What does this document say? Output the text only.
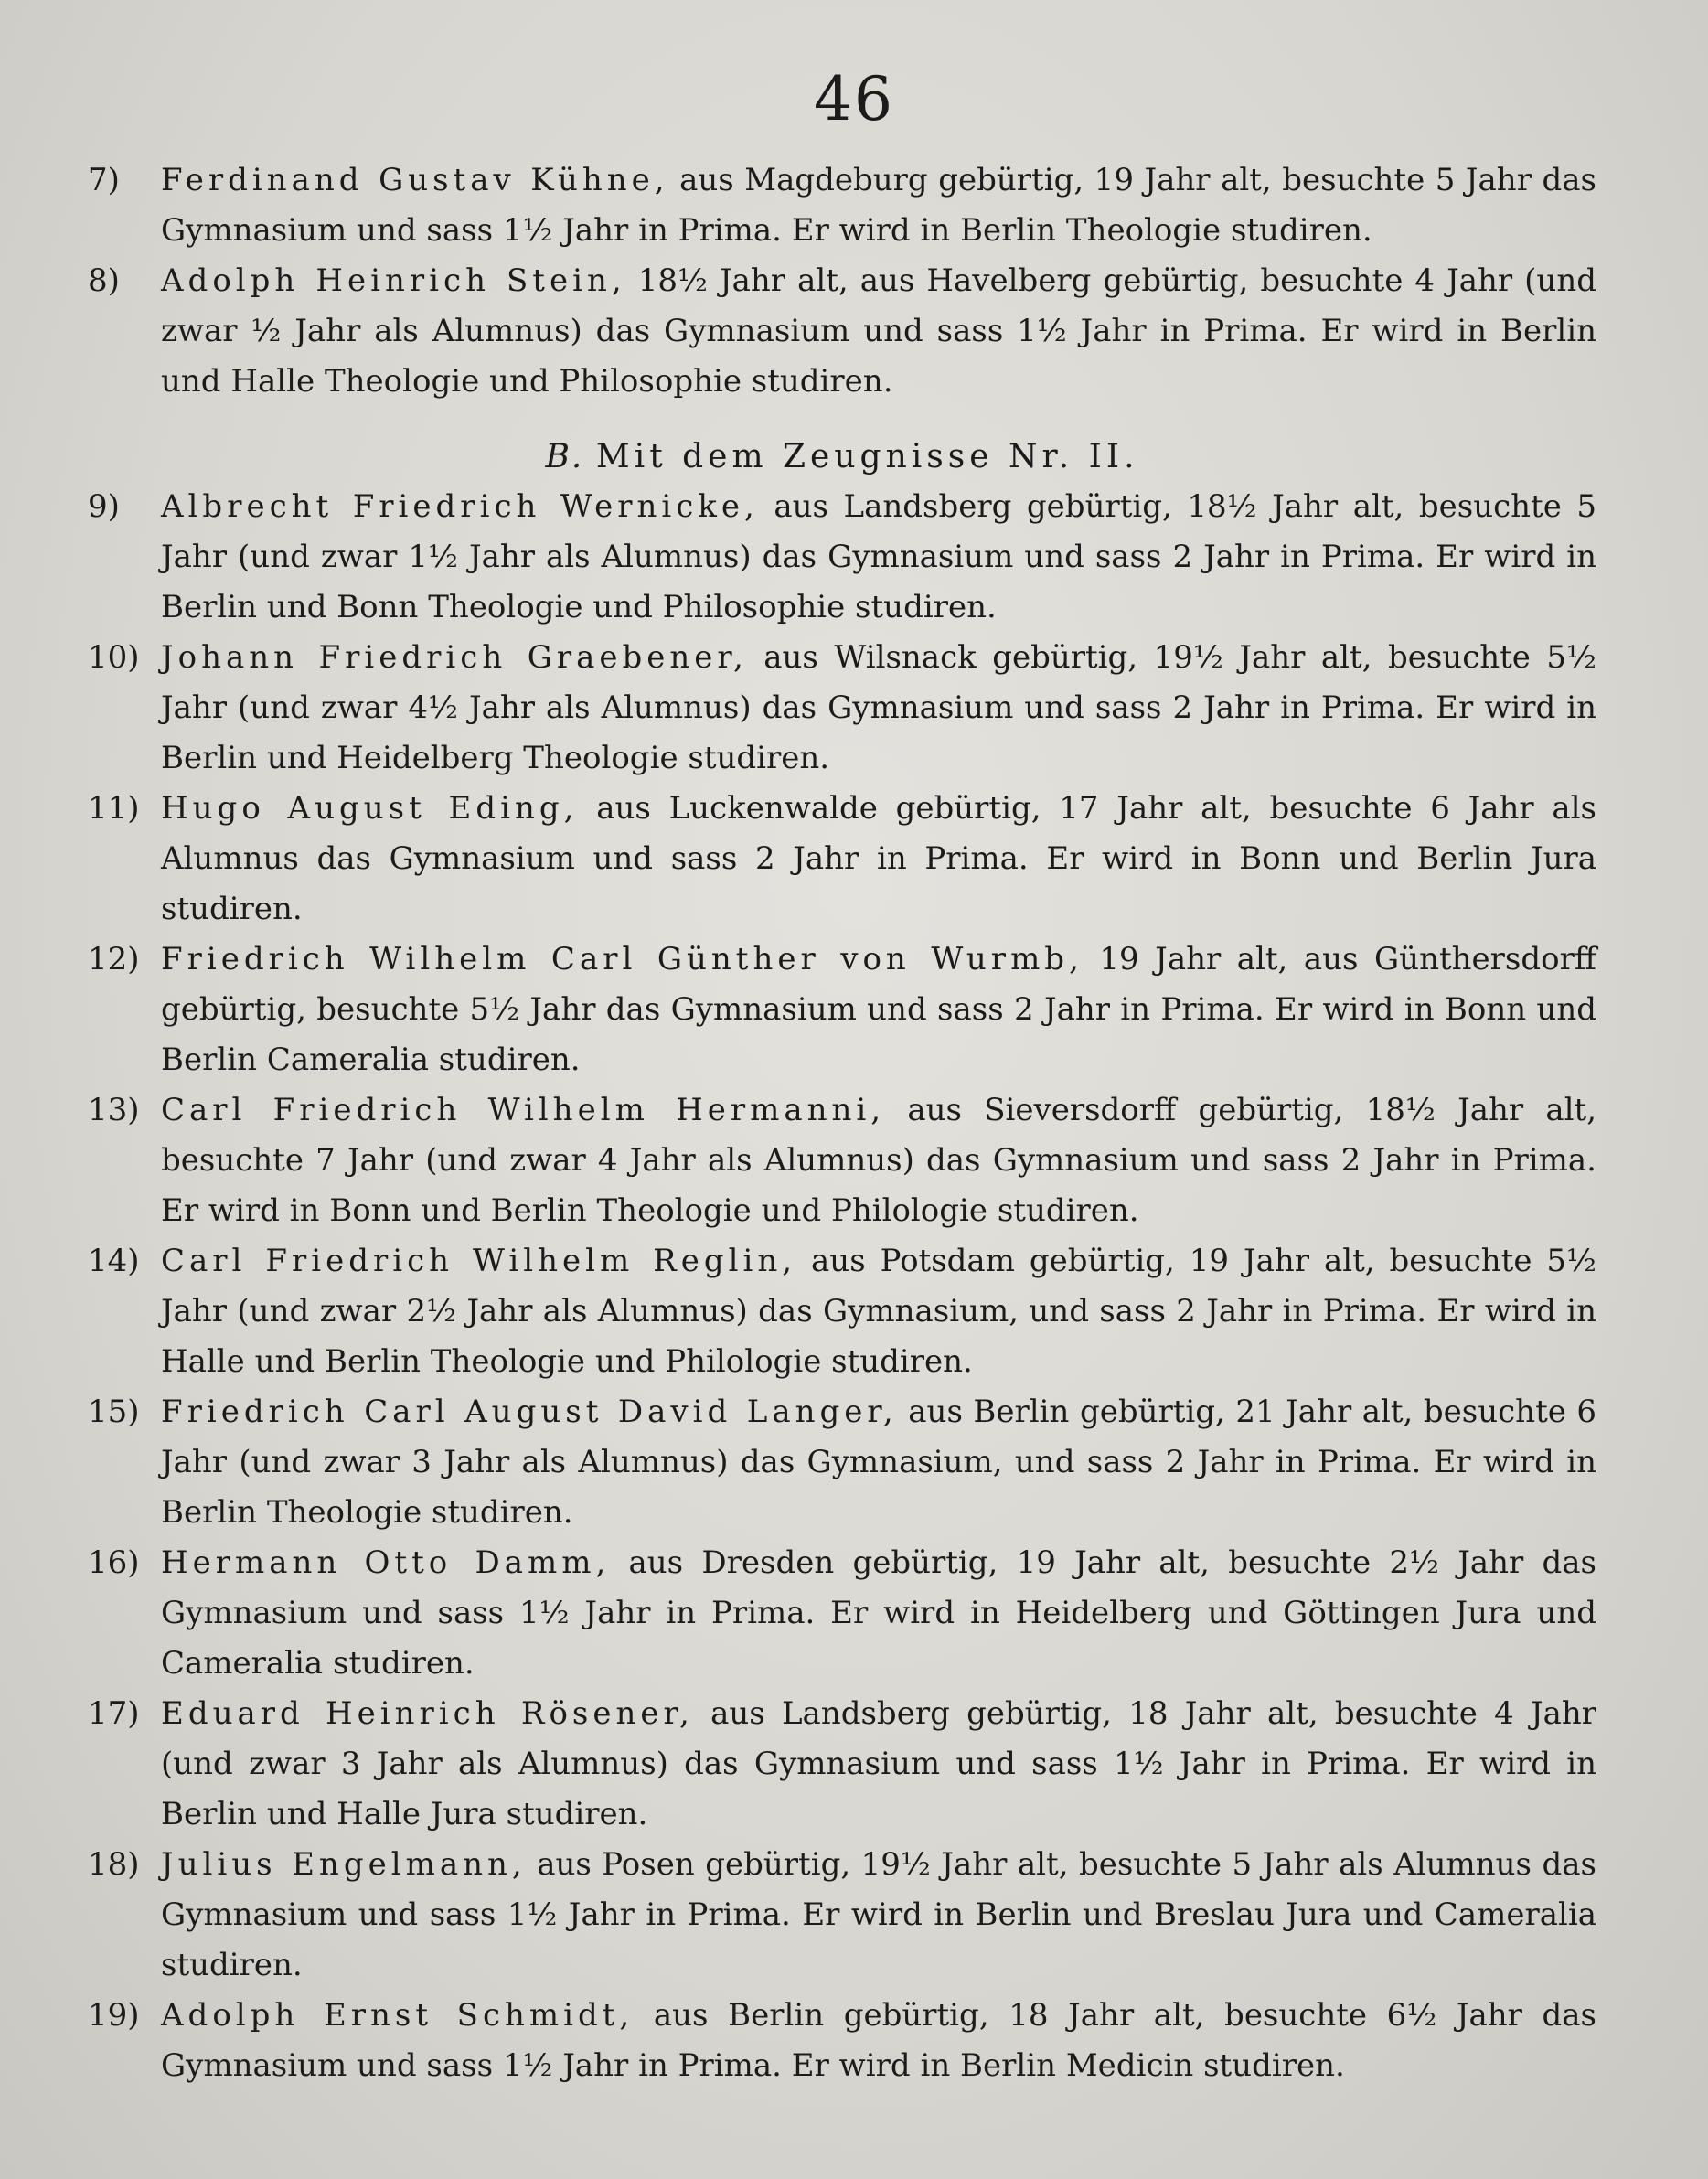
46
7)	Ferdinand Gustav Kühne, aus Magdeburg gebürtig, 19 Jahr alt, besuchte 5 Jahr das Gymnasium und sass 1½ Jahr in Prima. Er wird in Berlin Theologie studiren.
8)	Adolph Heinrich Stein, 18½ Jahr alt, aus Havelberg gebürtig, besuchte 4 Jahr (und zwar ½ Jahr als Alumnus) das Gymnasium und sass 1½ Jahr in Prima. Er wird in Berlin und Halle Theologie und Philosophie studiren.
B. Mit dem Zeugnisse Nr. II.
9)	Albrecht Friedrich Wernicke, aus Landsberg gebürtig, 18½ Jahr alt, besuchte 5 Jahr (und zwar 1½ Jahr als Alumnus) das Gymnasium und sass 2 Jahr in Prima. Er wird in Berlin und Bonn Theologie und Philosophie studiren.
10) Johann Friedrich Graebener, aus Wilsnack gebürtig, 19½ Jahr alt, besuchte 5½ Jahr (und zwar 4½ Jahr als Alumnus) das Gymnasium und sass 2 Jahr in Prima. Er wird in Berlin und Heidelberg Theologie studiren.
11) Hugo August Eding, aus Luckenwalde gebürtig, 17 Jahr alt, besuchte 6 Jahr als Alumnus das Gymnasium und sass 2 Jahr in Prima. Er wird in Bonn und Berlin Jura studiren.
12) Friedrich Wilhelm Carl Günther von Wurmb, 19 Jahr alt, aus Günthersdorff gebürtig, besuchte 5½ Jahr das Gymnasium und sass 2 Jahr in Prima. Er wird in Bonn und Berlin Cameralia studiren.
13) Carl Friedrich Wilhelm Hermanni, aus Sieversdorff gebürtig, 18½ Jahr alt, besuchte 7 Jahr (und zwar 4 Jahr als Alumnus) das Gymnasium und sass 2 Jahr in Prima. Er wird in Bonn und Berlin Theologie und Philologie studiren.
14) Carl Friedrich Wilhelm Reglin, aus Potsdam gebürtig, 19 Jahr alt, besuchte 5½ Jahr (und zwar 2½ Jahr als Alumnus) das Gymnasium, und sass 2 Jahr in Prima. Er wird in Halle und Berlin Theologie und Philologie studiren.
15) Friedrich Carl August David Langer, aus Berlin gebürtig, 21 Jahr alt, besuchte 6 Jahr (und zwar 3 Jahr als Alumnus) das Gymnasium, und sass 2 Jahr in Prima. Er wird in Berlin Theologie studiren.
16) Hermann Otto Damm, aus Dresden gebürtig, 19 Jahr alt, besuchte 2½ Jahr das Gymnasium und sass 1½ Jahr in Prima. Er wird in Heidelberg und Göttingen Jura und Cameralia studiren.
17) Eduard Heinrich Rösener, aus Landsberg gebürtig, 18 Jahr alt, besuchte 4 Jahr (und zwar 3 Jahr als Alumnus) das Gymnasium und sass 1½ Jahr in Prima. Er wird in Berlin und Halle Jura studiren.
18) Julius Engelmann, aus Posen gebürtig, 19½ Jahr alt, besuchte 5 Jahr als Alumnus das Gymnasium und sass 1½ Jahr in Prima. Er wird in Berlin und Breslau Jura und Cameralia studiren.
19) Adolph Ernst Schmidt, aus Berlin gebürtig, 18 Jahr alt, besuchte 6½ Jahr das Gymnasium und sass 1½ Jahr in Prima. Er wird in Berlin Medicin studiren.
